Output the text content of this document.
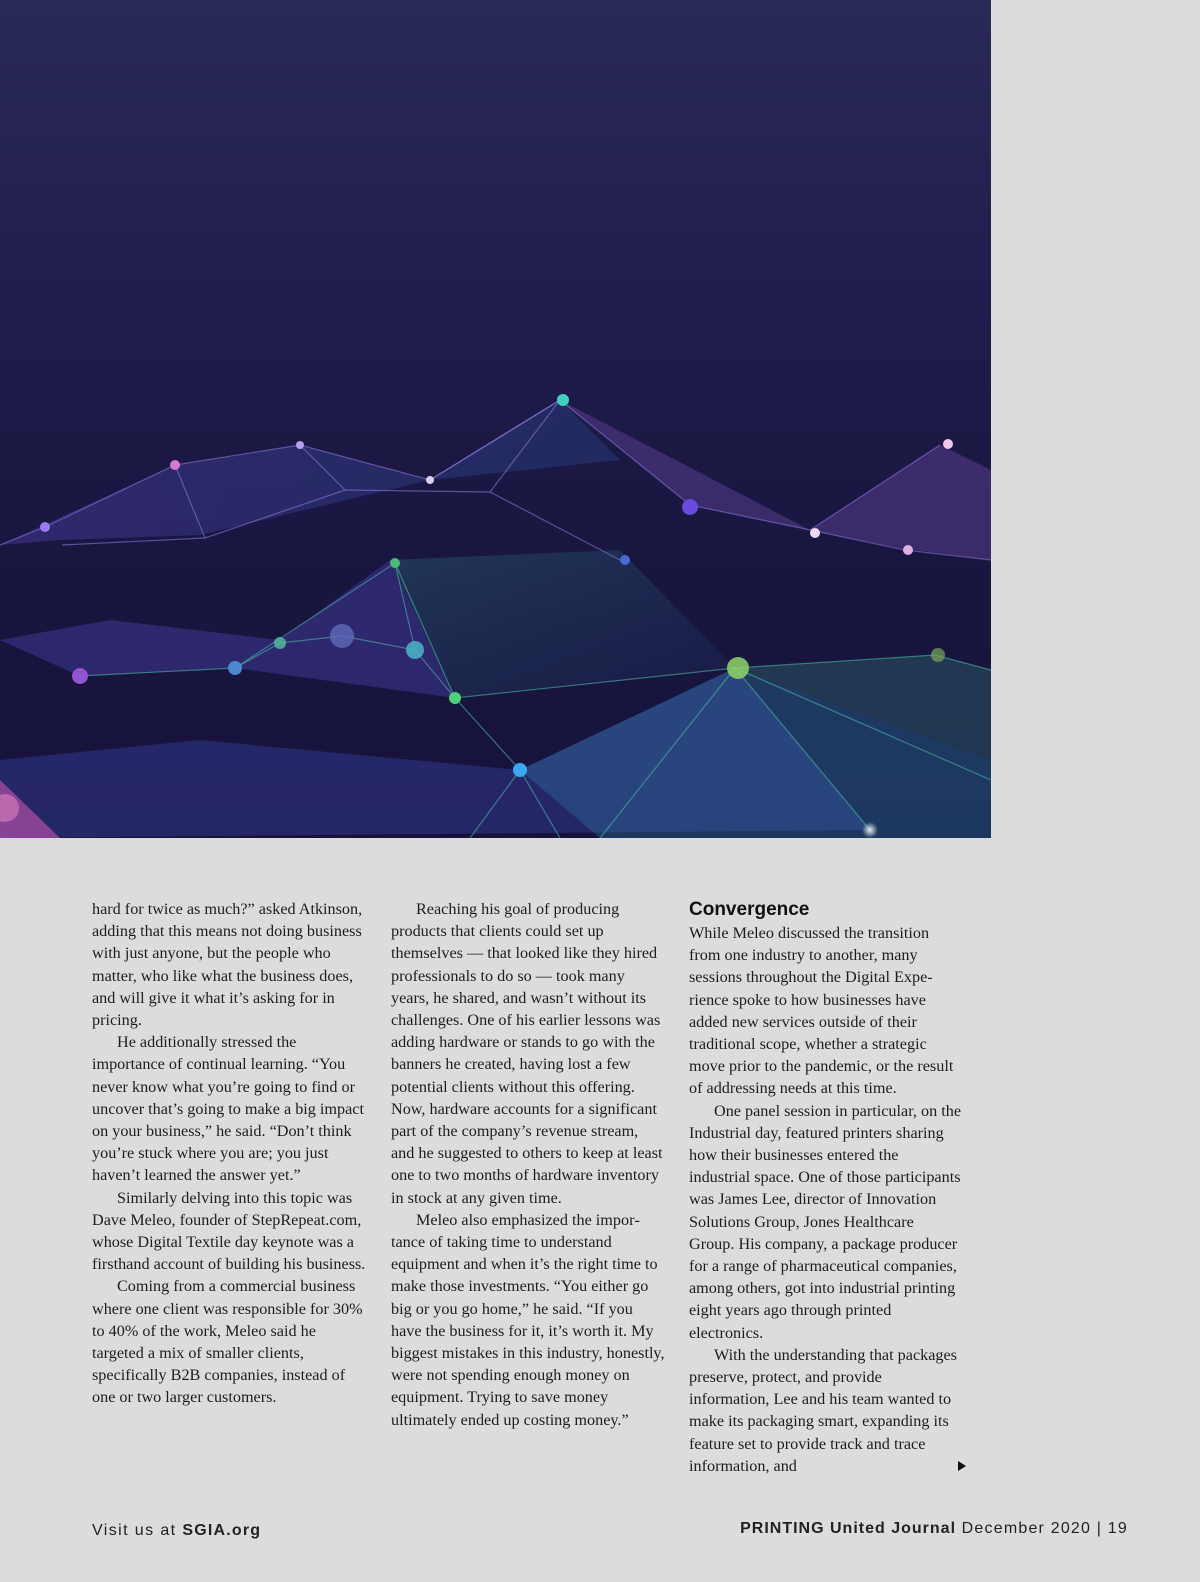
hard for twice as much?” asked Atkinson, adding that this means not doing business with just anyone, but the people who matter, who like what the business does, and will give it what it’s asking for in pricing.

He additionally stressed the importance of continual learning. “You never know what you’re going to find or uncover that’s going to make a big impact on your business,” he said. “Don’t think you’re stuck where you are; you just haven’t learned the answer yet.”

Similarly delving into this topic was Dave Meleo, founder of StepRepeat.com, whose Digital Textile day keynote was a firsthand account of building his business.

Coming from a commercial business where one client was responsible for 30% to 40% of the work, Meleo said he targeted a mix of smaller clients, specifically B2B companies, instead of one or two larger customers.

Reaching his goal of producing products that clients could set up themselves — that looked like they hired professionals to do so — took many years, he shared, and wasn’t without its challenges. One of his earlier lessons was adding hardware or stands to go with the banners he created, having lost a few potential clients without this offering. Now, hardware accounts for a significant part of the company’s revenue stream, and he suggested to others to keep at least one to two months of hardware inventory in stock at any given time.

Meleo also emphasized the importance of taking time to understand equipment and when it’s the right time to make those investments. “You either go big or you go home,” he said. “If you have the business for it, it’s worth it. My biggest mistakes in this industry, honestly, were not spending enough money on equipment. Trying to save money ultimately ended up costing money.”

Convergence

While Meleo discussed the transition from one industry to another, many sessions throughout the Digital Experience spoke to how businesses have added new services outside of their traditional scope, whether a strategic move prior to the pandemic, or the result of addressing needs at this time.

One panel session in particular, on the Industrial day, featured printers sharing how their businesses entered the industrial space. One of those participants was James Lee, director of Innovation Solutions Group, Jones Healthcare Group. His company, a package producer for a range of pharmaceutical companies, among others, got into industrial printing eight years ago through printed electronics.

With the understanding that packages preserve, protect, and provide information, Lee and his team wanted to make its packaging smart, expanding its feature set to provide track and trace information, and

Visit us at SGIA.org	PRINTING United Journal December 2020 | 19
